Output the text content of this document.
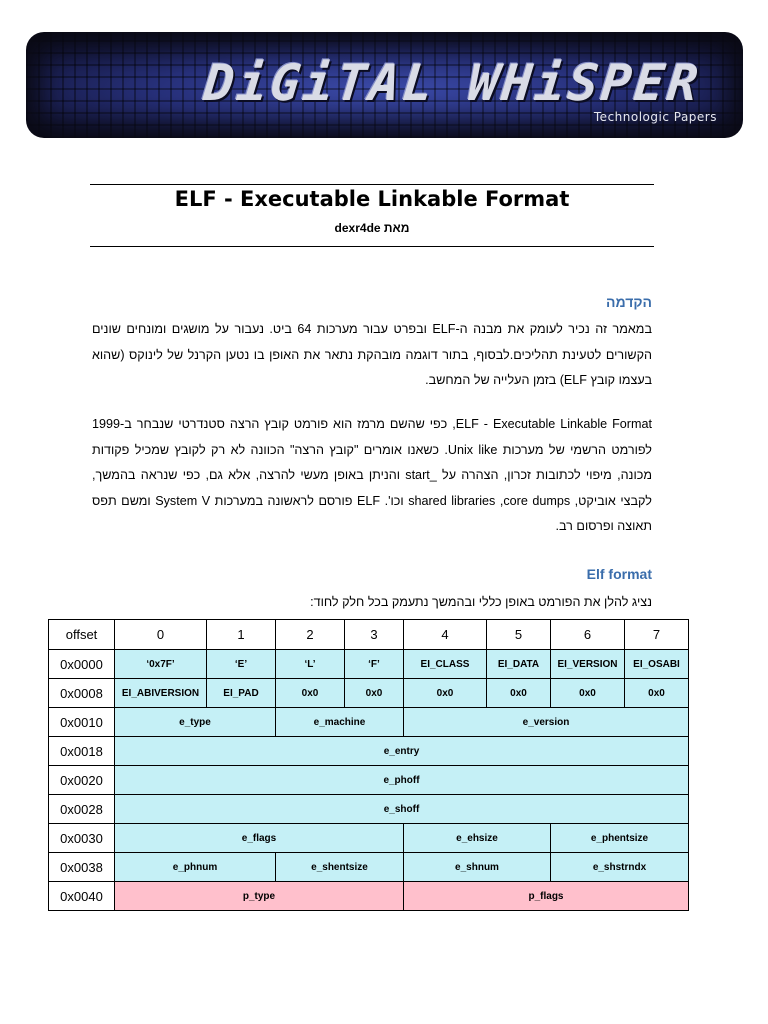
DiGiTAL WHiSPER
Technologic Papers
ELF - Executable Linkable Format
מאת dexr4de
הקדמה
במאמר זה נכיר לעומק את מבנה ה-ELF ובפרט עבור מערכות 64 ביט. נעבור על מושגים ומונחים שונים הקשורים לטעינת תהליכים.לבסוף, בתור דוגמה מובהקת נתאר את האופן בו נטען הקרנל של לינוקס (שהוא בעצמו קובץ ELF) בזמן העלייה של המחשב.
ELF - Executable Linkable Format, כפי שהשם מרמז הוא פורמט קובץ הרצה סטנדרטי שנבחר ב-1999 לפורמט הרשמי של מערכות Unix like. כשאנו אומרים "קובץ הרצה" הכוונה לא רק לקובץ שמכיל פקודות מכונה, מיפוי לכתובות זכרון, הצהרה על _start והניתן באופן מעשי להרצה, אלא גם, כפי שנראה בהמשך, לקבצי אוביקט, shared libraries ,core dumps וכו'. ELF פורסם לראשונה במערכות System V ומשם תפס תאוצה ופרסום רב.
Elf format
נציג להלן את הפורמט באופן כללי ובהמשך נתעמק בכל חלק לחוד:
offset	0	1	2	3	4	5	6	7
0x0000	‘0x7F’	‘E’	‘L’	‘F’	EI_CLASS	EI_DATA	EI_VERSION	EI_OSABI
0x0008	EI_ABIVERSION	EI_PAD	0x0	0x0	0x0	0x0	0x0	0x0
0x0010	e_type		e_machine		e_version			
0x0018	e_entry							
0x0020	e_phoff							
0x0028	e_shoff							
0x0030	e_flags				e_ehsize		e_phentsize	
0x0038	e_phnum		e_shentsize		e_shnum		e_shstrndx	
0x0040	p_type				p_flags			
